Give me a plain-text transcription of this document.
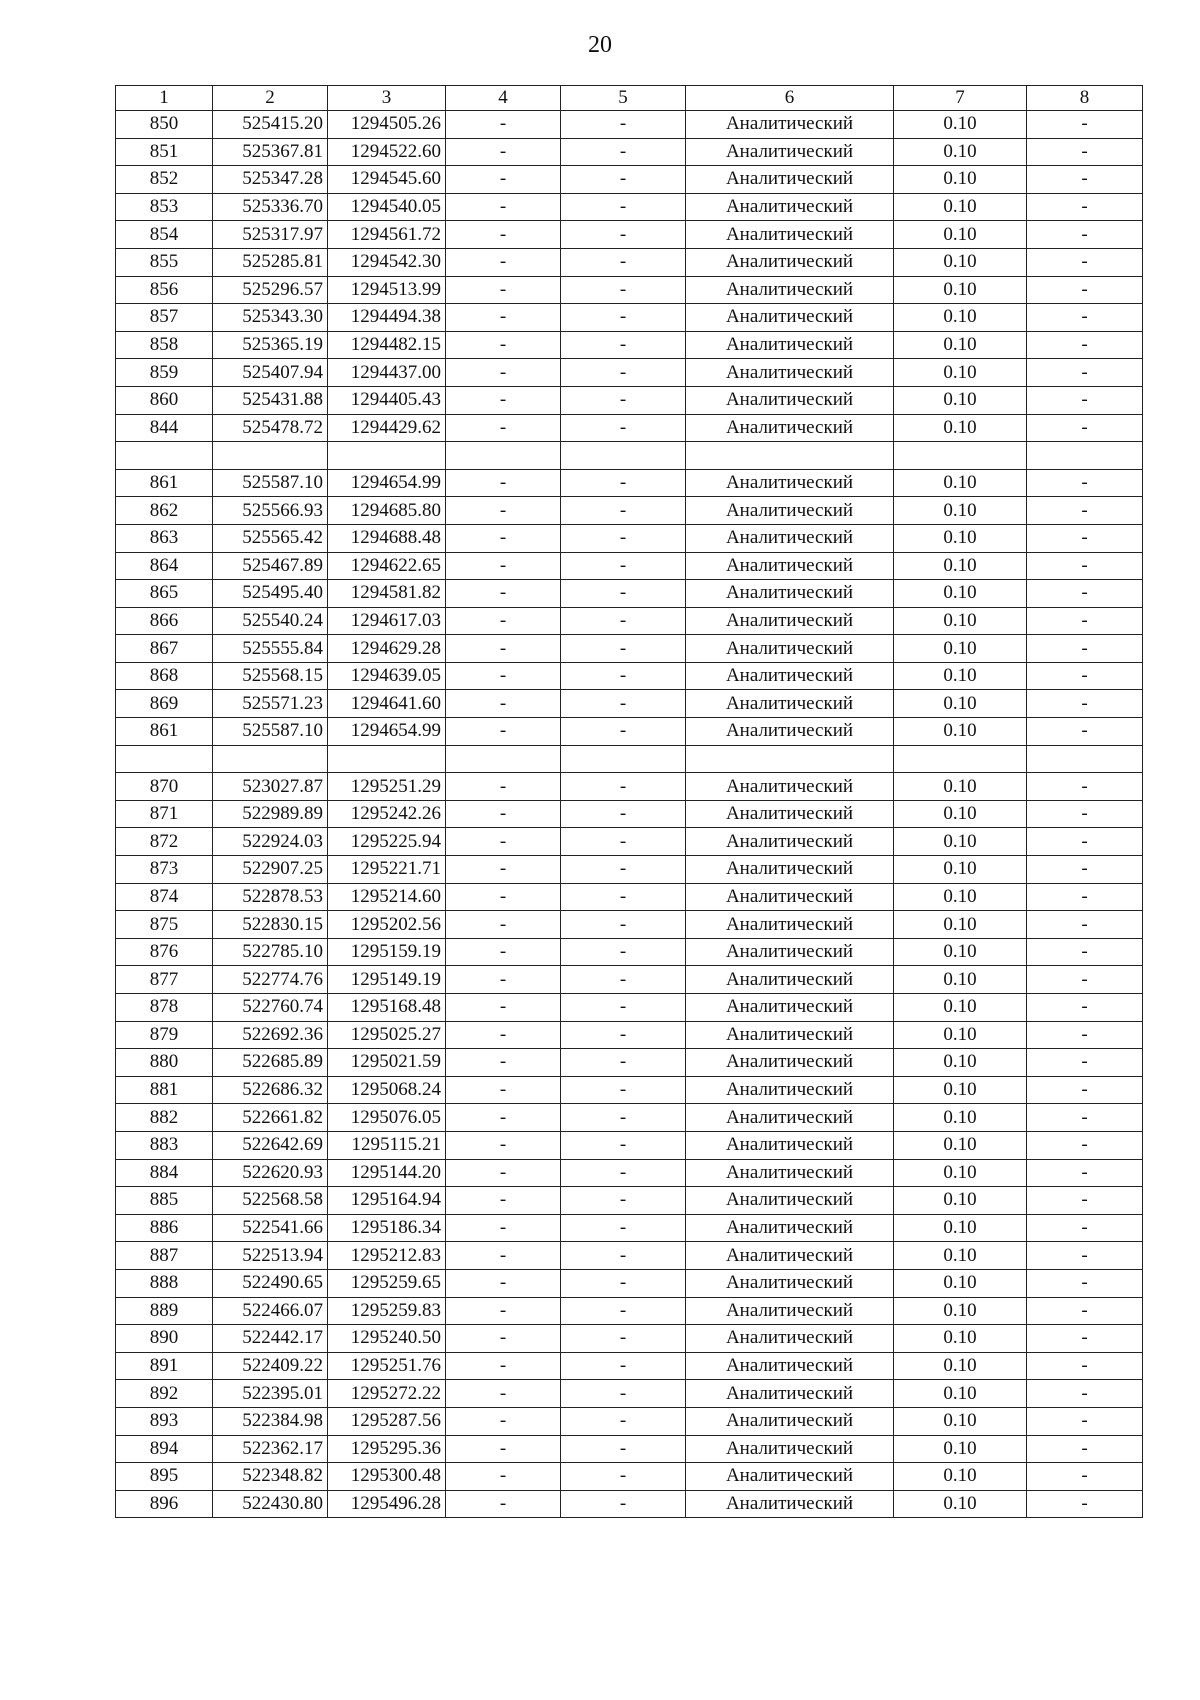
20
1	2	3	4	5	6	7	8
850	525415.20	1294505.26	-	-	Аналитический	0.10	-
851	525367.81	1294522.60	-	-	Аналитический	0.10	-
852	525347.28	1294545.60	-	-	Аналитический	0.10	-
853	525336.70	1294540.05	-	-	Аналитический	0.10	-
854	525317.97	1294561.72	-	-	Аналитический	0.10	-
855	525285.81	1294542.30	-	-	Аналитический	0.10	-
856	525296.57	1294513.99	-	-	Аналитический	0.10	-
857	525343.30	1294494.38	-	-	Аналитический	0.10	-
858	525365.19	1294482.15	-	-	Аналитический	0.10	-
859	525407.94	1294437.00	-	-	Аналитический	0.10	-
860	525431.88	1294405.43	-	-	Аналитический	0.10	-
844	525478.72	1294429.62	-	-	Аналитический	0.10	-

861	525587.10	1294654.99	-	-	Аналитический	0.10	-
862	525566.93	1294685.80	-	-	Аналитический	0.10	-
863	525565.42	1294688.48	-	-	Аналитический	0.10	-
864	525467.89	1294622.65	-	-	Аналитический	0.10	-
865	525495.40	1294581.82	-	-	Аналитический	0.10	-
866	525540.24	1294617.03	-	-	Аналитический	0.10	-
867	525555.84	1294629.28	-	-	Аналитический	0.10	-
868	525568.15	1294639.05	-	-	Аналитический	0.10	-
869	525571.23	1294641.60	-	-	Аналитический	0.10	-
861	525587.10	1294654.99	-	-	Аналитический	0.10	-

870	523027.87	1295251.29	-	-	Аналитический	0.10	-
871	522989.89	1295242.26	-	-	Аналитический	0.10	-
872	522924.03	1295225.94	-	-	Аналитический	0.10	-
873	522907.25	1295221.71	-	-	Аналитический	0.10	-
874	522878.53	1295214.60	-	-	Аналитический	0.10	-
875	522830.15	1295202.56	-	-	Аналитический	0.10	-
876	522785.10	1295159.19	-	-	Аналитический	0.10	-
877	522774.76	1295149.19	-	-	Аналитический	0.10	-
878	522760.74	1295168.48	-	-	Аналитический	0.10	-
879	522692.36	1295025.27	-	-	Аналитический	0.10	-
880	522685.89	1295021.59	-	-	Аналитический	0.10	-
881	522686.32	1295068.24	-	-	Аналитический	0.10	-
882	522661.82	1295076.05	-	-	Аналитический	0.10	-
883	522642.69	1295115.21	-	-	Аналитический	0.10	-
884	522620.93	1295144.20	-	-	Аналитический	0.10	-
885	522568.58	1295164.94	-	-	Аналитический	0.10	-
886	522541.66	1295186.34	-	-	Аналитический	0.10	-
887	522513.94	1295212.83	-	-	Аналитический	0.10	-
888	522490.65	1295259.65	-	-	Аналитический	0.10	-
889	522466.07	1295259.83	-	-	Аналитический	0.10	-
890	522442.17	1295240.50	-	-	Аналитический	0.10	-
891	522409.22	1295251.76	-	-	Аналитический	0.10	-
892	522395.01	1295272.22	-	-	Аналитический	0.10	-
893	522384.98	1295287.56	-	-	Аналитический	0.10	-
894	522362.17	1295295.36	-	-	Аналитический	0.10	-
895	522348.82	1295300.48	-	-	Аналитический	0.10	-
896	522430.80	1295496.28	-	-	Аналитический	0.10	-
